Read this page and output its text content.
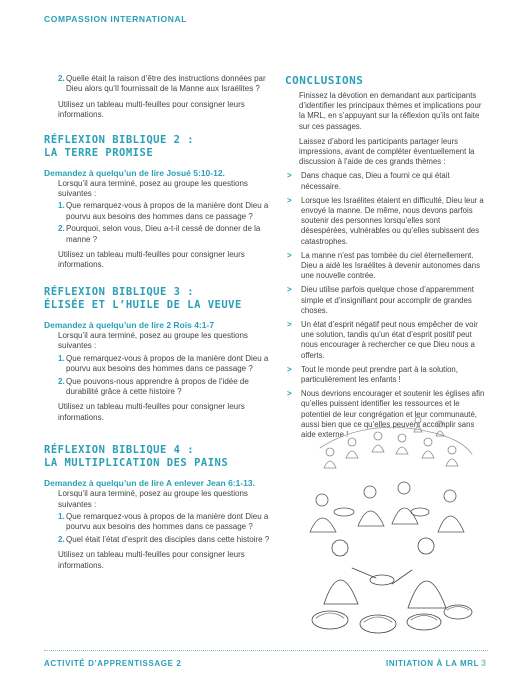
COMPASSION INTERNATIONAL
2. Quelle était la raison d’être des instructions données par Dieu alors qu’Il fournissait de la Manne aux Israélites ?

Utilisez un tableau multi-feuilles pour consigner leurs informations.

RÉFLEXION BIBLIQUE 2 :

LA TERRE PROMISE

Demandez à quelqu’un de lire Josué 5:10-12.

Lorsqu’il aura terminé, posez au groupe les questions suivantes :

1. Que remarquez-vous à propos de la manière dont Dieu a pourvu aux besoins des hommes dans ce passage ?
2. Pourquoi, selon vous, Dieu a-t-il cessé de donner de la manne ?

Utilisez un tableau multi-feuilles pour consigner leurs informations.

RÉFLEXION BIBLIQUE 3 :

ÉLISÉE ET L’HUILE DE LA VEUVE

Demandez à quelqu’un de lire 2 Rois 4:1-7

Lorsqu’il aura terminé, posez au groupe les questions suivantes :

1. Que remarquez-vous à propos de la manière dont Dieu a pourvu aux besoins des hommes dans ce passage ?
2. Que pouvons-nous apprendre à propos de l’idée de durabilité grâce à cette histoire ?

Utilisez un tableau multi-feuilles pour consigner leurs informations.

RÉFLEXION BIBLIQUE 4 :

LA MULTIPLICATION DES PAINS

Demandez à quelqu’un de lire A enlever Jean 6:1-13.

Lorsqu’il aura terminé, posez au groupe les questions suivantes :

1. Que remarquez-vous à propos de la manière dont Dieu a pourvu aux besoins des hommes dans ce passage ?
2. Quel était l’état d’esprit des disciples dans cette histoire ?

Utilisez un tableau multi-feuilles pour consigner leurs informations.

CONCLUSIONS

Finissez la dévotion en demandant aux participants d’identifier les principaux thèmes et implications pour la MRL, en s’appuyant sur la réflexion qu’ils ont faite sur ces passages.

Laissez d’abord les participants partager leurs impressions, avant de compléter éventuellement la discussion à l’aide de ces grands thèmes :

> Dans chaque cas, Dieu a fourni ce qui était nécessaire.
> Lorsque les Israélites étaient en difficulté, Dieu leur a envoyé la manne. De même, nous devons parfois soutenir des personnes lorsqu’elles sont désespérées, vulnérables ou qu’elles subissent des catastrophes.
> La manne n’est pas tombée du ciel éternellement. Dieu a aidé les Israélites à devenir autonomes dans une nouvelle contrée.
> Dieu utilise parfois quelque chose d’apparemment simple et d’insignifiant pour accomplir de grandes choses.
> Un état d’esprit négatif peut nous empêcher de voir une solution, tandis qu’un état d’esprit positif peut nous encourager à rechercher ce que Dieu nous a offerts.
> Tout le monde peut prendre part à la solution, particulièrement les enfants !
> Nous devrions encourager et soutenir les églises afin qu’elles puissent identifier les ressources et le potentiel de leur congrégation et leur communauté, aussi bien que ce qu’elles peuvent accomplir sans aide externe !
ACTIVITÉ D’APPRENTISSAGE 2	INITIATION À LA MRL 3
